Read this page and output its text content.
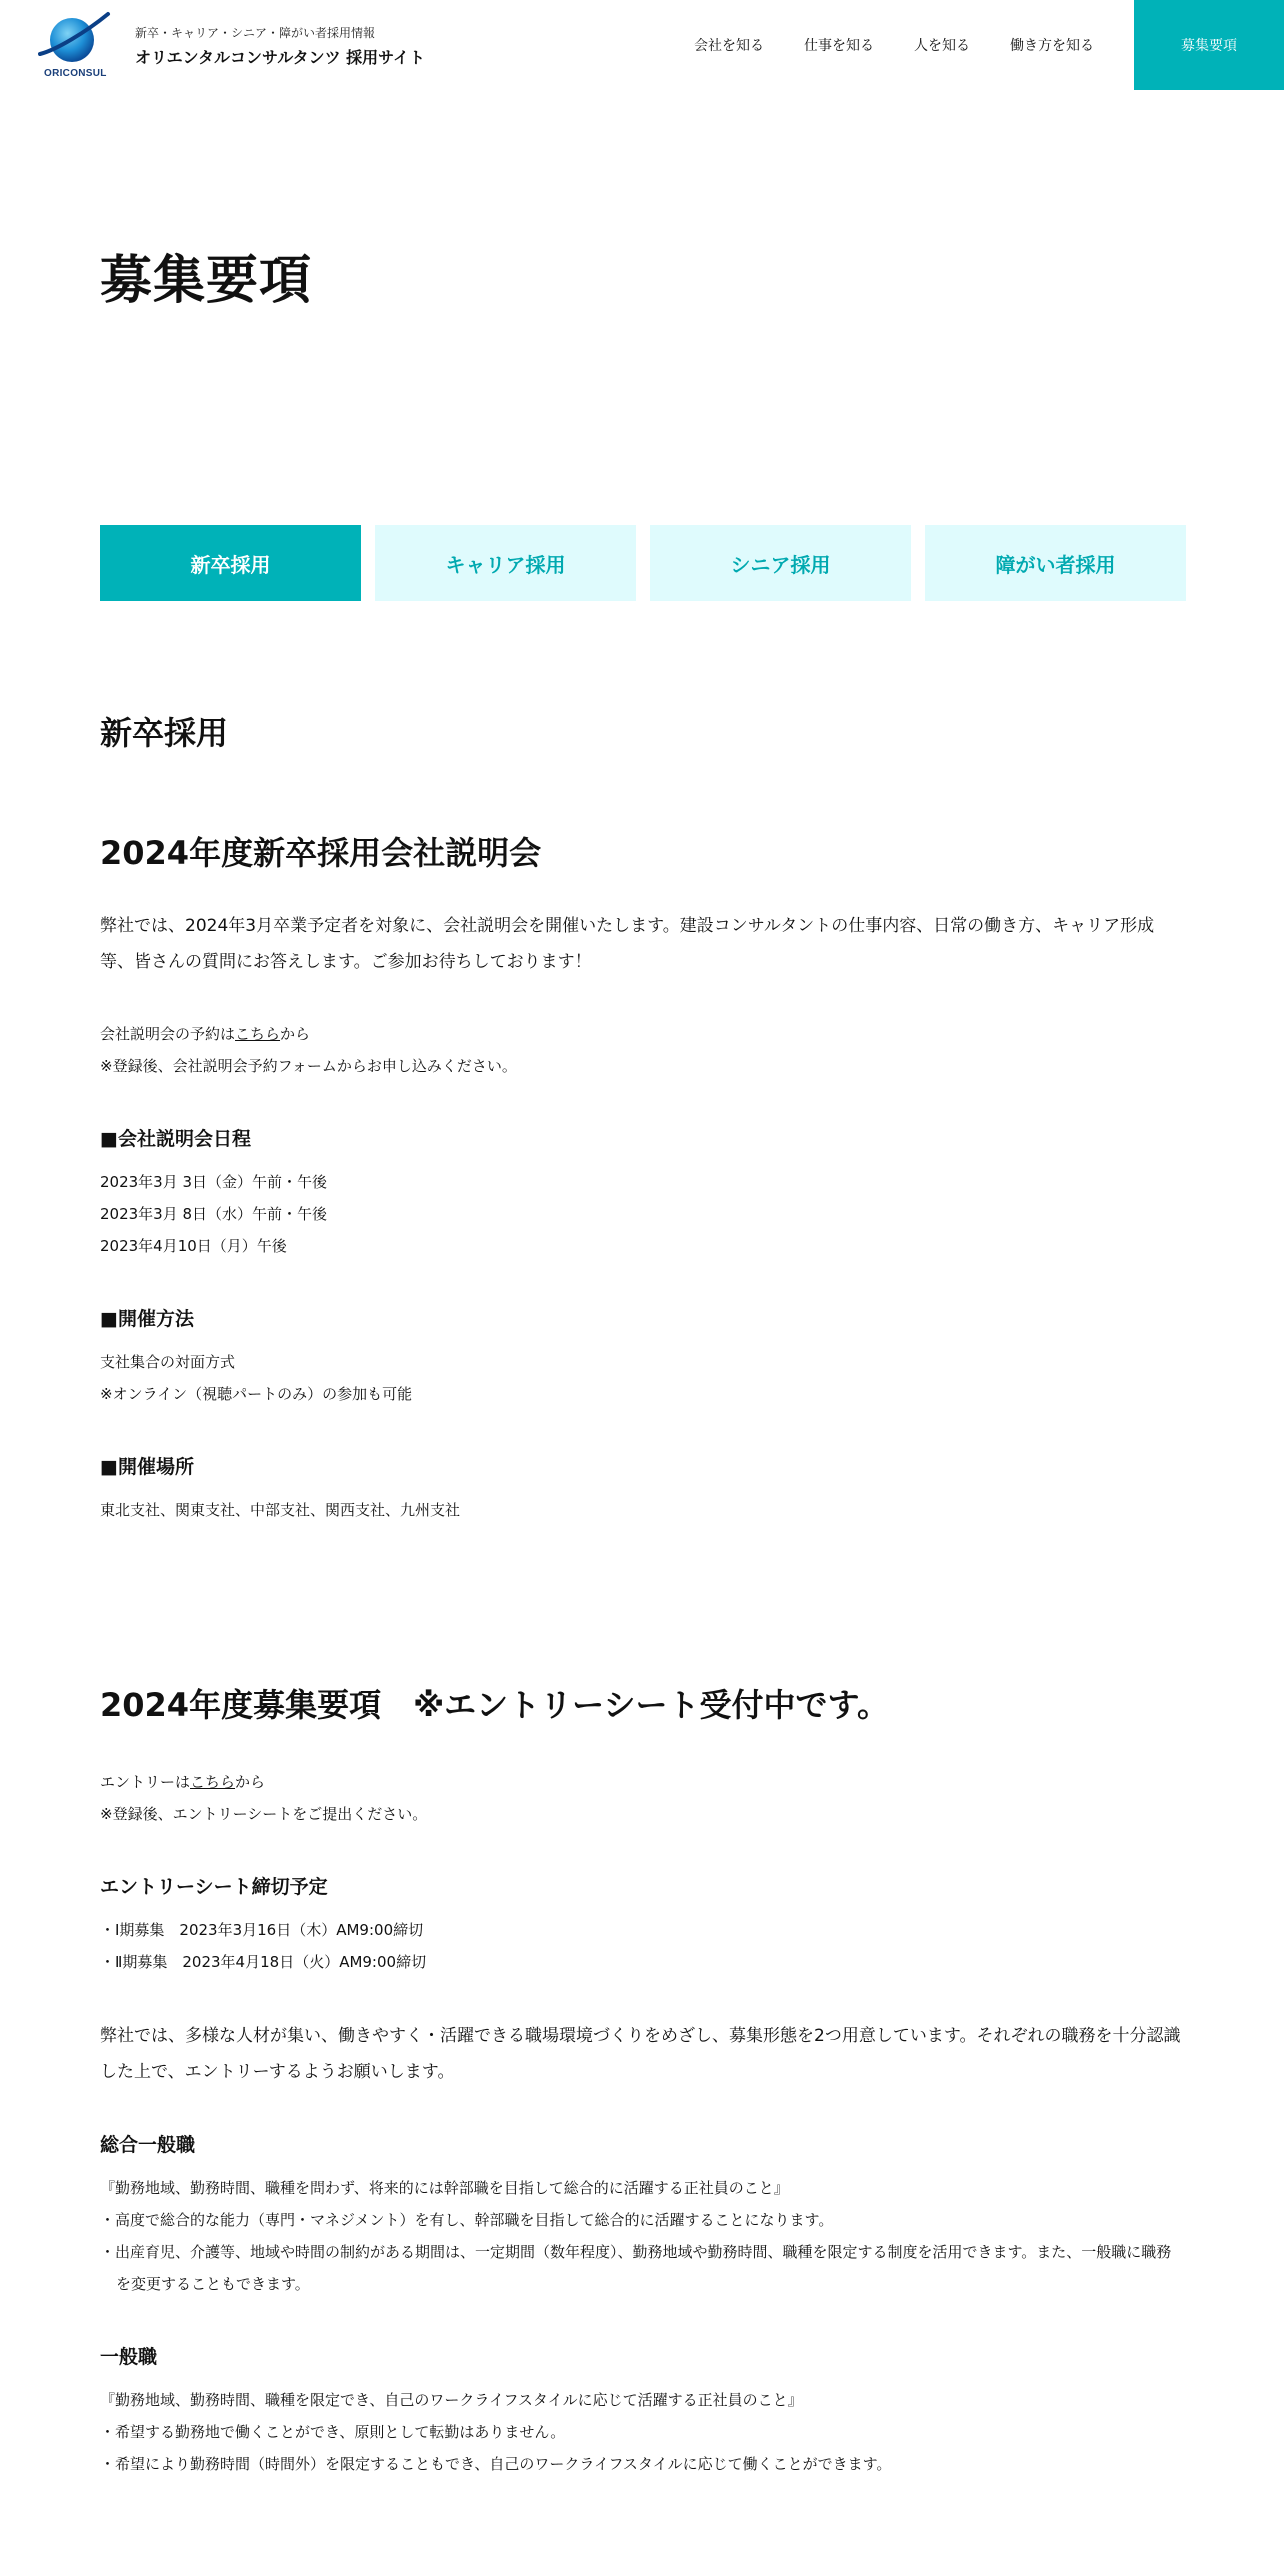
ORICONSUL
新卒・キャリア・シニア・障がい者採用情報
オリエンタルコンサルタンツ 採用サイト
会社を知る	仕事を知る	人を知る	働き方を知る	募集要項
募集要項
新卒採用	キャリア採用	シニア採用	障がい者採用
新卒採用
2024年度新卒採用会社説明会
弊社では、2024年3月卒業予定者を対象に、会社説明会を開催いたします。建設コンサルタントの仕事内容、日常の働き方、キャリア形成等、皆さんの質問にお答えします。ご参加お待ちしております！
会社説明会の予約はこちらから
※登録後、会社説明会予約フォームからお申し込みください。
■会社説明会日程
2023年3月 3日（金）午前・午後
2023年3月 8日（水）午前・午後
2023年4月10日（月）午後
■開催方法
支社集合の対面方式
※オンライン（視聴パートのみ）の参加も可能
■開催場所
東北支社、関東支社、中部支社、関西支社、九州支社
2024年度募集要項　※エントリーシート受付中です。
エントリーはこちらから
※登録後、エントリーシートをご提出ください。
エントリーシート締切予定
・Ⅰ期募集　2023年3月16日（木）AM9:00締切
・Ⅱ期募集　2023年4月18日（火）AM9:00締切
弊社では、多様な人材が集い、働きやすく・活躍できる職場環境づくりをめざし、募集形態を2つ用意しています。それぞれの職務を十分認識した上で、エントリーするようお願いします。
総合一般職
『勤務地域、勤務時間、職種を問わず、将来的には幹部職を目指して総合的に活躍する正社員のこと』
・高度で総合的な能力（専門・マネジメント）を有し、幹部職を目指して総合的に活躍することになります。
・出産育児、介護等、地域や時間の制約がある期間は、一定期間（数年程度）、勤務地域や勤務時間、職種を限定する制度を活用できます。また、一般職に職務を変更することもできます。
一般職
『勤務地域、勤務時間、職種を限定でき、自己のワークライフスタイルに応じて活躍する正社員のこと』
・希望する勤務地で働くことができ、原則として転勤はありません。
・希望により勤務時間（時間外）を限定することもでき、自己のワークライフスタイルに応じて働くことができます。
